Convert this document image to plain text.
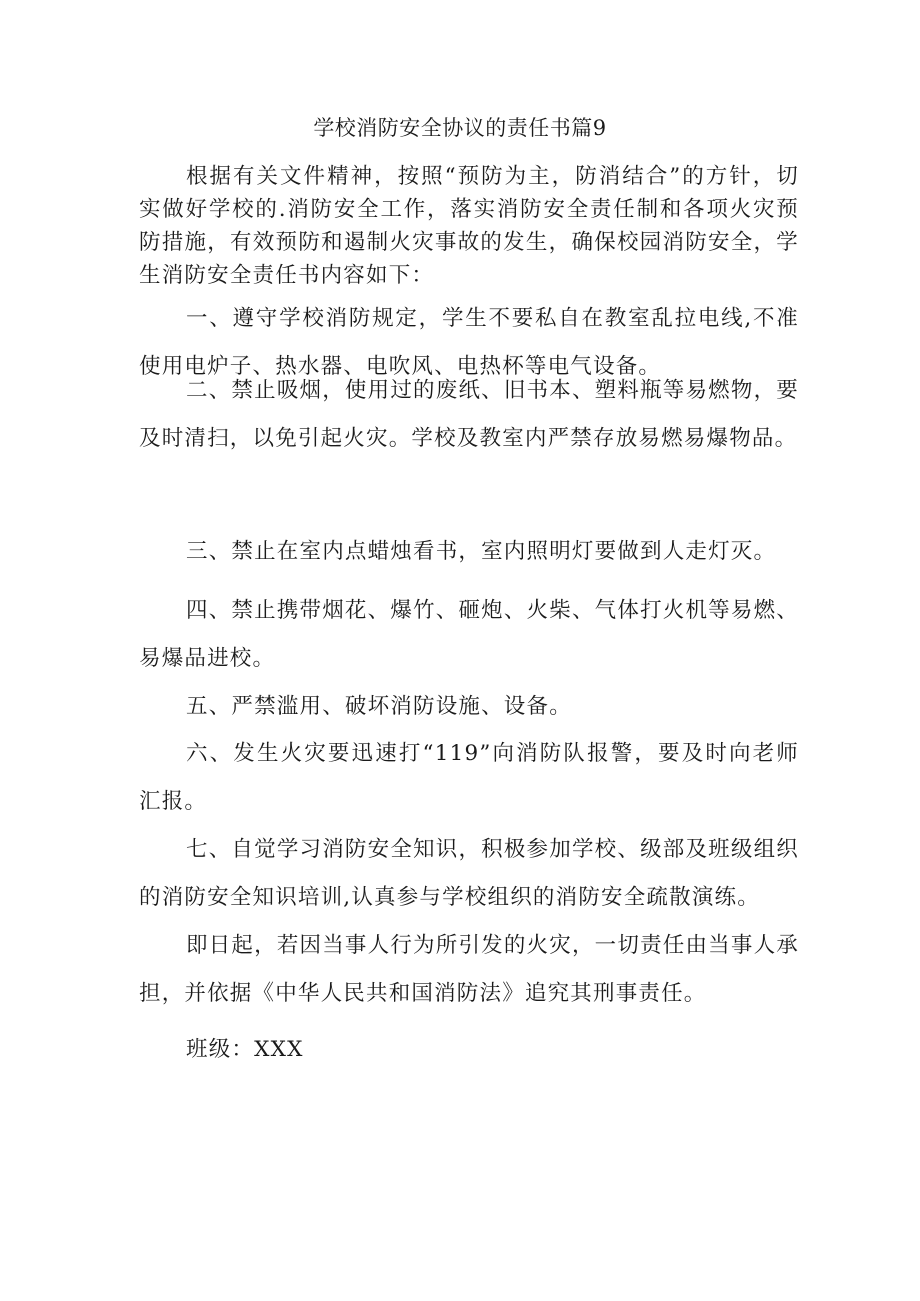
学校消防安全协议的责任书篇9

根据有关文件精神，按照“预防为主，防消结合”的方针，切实做好学校的.消防安全工作，落实消防安全责任制和各项火灾预防措施，有效预防和遏制火灾事故的发生，确保校园消防安全，学生消防安全责任书内容如下：

一、遵守学校消防规定，学生不要私自在教室乱拉电线,不准使用电炉子、热水器、电吹风、电热杯等电气设备。

二、禁止吸烟，使用过的废纸、旧书本、塑料瓶等易燃物，要及时清扫，以免引起火灾。学校及教室内严禁存放易燃易爆物品。

三、禁止在室内点蜡烛看书，室内照明灯要做到人走灯灭。

四、禁止携带烟花、爆竹、砸炮、火柴、气体打火机等易燃、易爆品进校。

五、严禁滥用、破坏消防设施、设备。

六、发生火灾要迅速打“119”向消防队报警，要及时向老师汇报。

七、自觉学习消防安全知识，积极参加学校、级部及班级组织的消防安全知识培训,认真参与学校组织的消防安全疏散演练。

即日起，若因当事人行为所引发的火灾，一切责任由当事人承担，并依据《中华人民共和国消防法》追究其刑事责任。

班级：XXX
